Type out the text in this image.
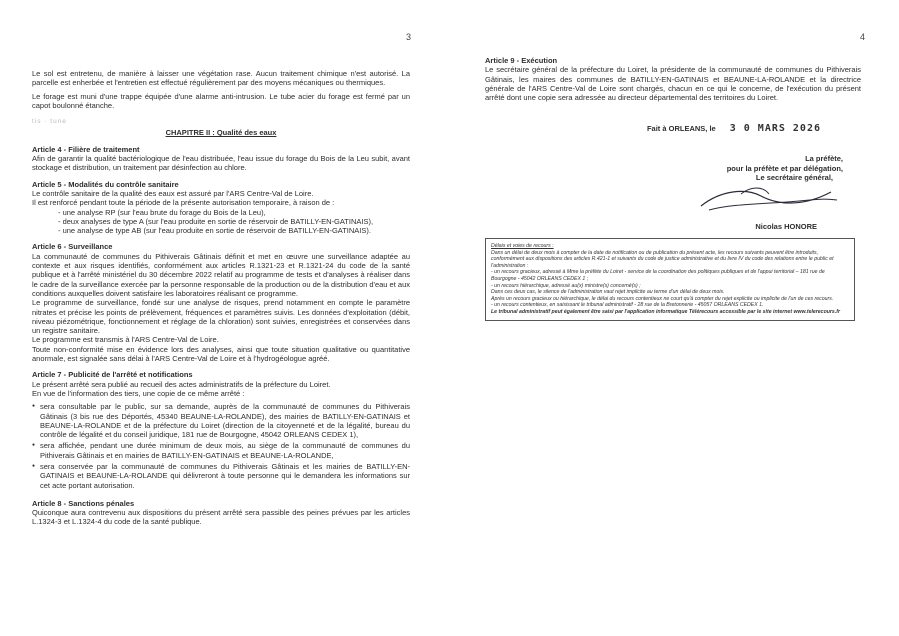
3

Le sol est entretenu, de manière à laisser une végétation rase. Aucun traitement chimique n'est autorisé. La parcelle est enherbée et l'entretien est effectué régulièrement par des moyens mécaniques ou thermiques.

Le forage est muni d'une trappe équipée d'une alarme anti-intrusion. Le tube acier du forage est fermé par un capot boulonné étanche.

tis · tune

CHAPITRE II : Qualité des eaux

Article 4 - Filière de traitement

Afin de garantir la qualité bactériologique de l'eau distribuée, l'eau issue du forage du Bois de la Leu subit, avant stockage et distribution, un traitement par désinfection au chlore.

Article 5 - Modalités du contrôle sanitaire

Le contrôle sanitaire de la qualité des eaux est assuré par l'ARS Centre-Val de Loire.

Il est renforcé pendant toute la période de la présente autorisation temporaire, à raison de :

- une analyse RP (sur l'eau brute du forage du Bois de la Leu),

- deux analyses de type A (sur l'eau produite en sortie de réservoir de BATILLY-EN-GATINAIS),

- une analyse de type AB (sur l'eau produite en sortie de réservoir de BATILLY-EN-GATINAIS).

Article 6 - Surveillance

La communauté de communes du Pithiverais Gâtinais définit et met en œuvre une surveillance adaptée au contexte et aux risques identifiés, conformément aux articles R.1321-23 et R.1321-24 du code de la santé publique et à l'arrêté ministériel du 30 décembre 2022 relatif au programme de tests et d'analyses à réaliser dans le cadre de la surveillance exercée par la personne responsable de la production ou de la distribution d'eau et aux conditions auxquelles doivent satisfaire les laboratoires réalisant ce programme.

Le programme de surveillance, fondé sur une analyse de risques, prend notamment en compte le paramètre nitrates et précise les points de prélèvement, fréquences et paramètres suivis. Les données d'exploitation (débit, niveau piézométrique, fonctionnement et réglage de la chloration) sont suivies, enregistrées et conservées dans un registre sanitaire.

Le programme est transmis à l'ARS Centre-Val de Loire.

Toute non-conformité mise en évidence lors des analyses, ainsi que toute situation qualitative ou quantitative anormale, est signalée sans délai à l'ARS Centre-Val de Loire et à l'hydrogéologue agréé.

Article 7 - Publicité de l'arrêté et notifications

Le présent arrêté sera publié au recueil des actes administratifs de la préfecture du Loiret.

En vue de l'information des tiers, une copie de ce même arrêté :

● sera consultable par le public, sur sa demande, auprès de la communauté de communes du Pithiverais Gâtinais (3 bis rue des Déportés, 45340 BEAUNE-LA-ROLANDE), des mairies de BATILLY-EN-GATINAIS et BEAUNE-LA-ROLANDE et de la préfecture du Loiret (direction de la citoyenneté et de la légalité, bureau du contrôle de légalité et du conseil juridique, 181 rue de Bourgogne, 45042 ORLEANS CEDEX 1),
● sera affichée, pendant une durée minimum de deux mois, au siège de la communauté de communes du Pithiverais Gâtinais et en mairies de BATILLY-EN-GATINAIS et BEAUNE-LA-ROLANDE,
● sera conservée par la communauté de communes du Pithiverais Gâtinais et les mairies de BATILLY-EN-GATINAIS et BEAUNE-LA-ROLANDE qui délivreront à toute personne qui le demandera les informations sur cet acte portant autorisation.

Article 8 - Sanctions pénales

Quiconque aura contrevenu aux dispositions du présent arrêté sera passible des peines prévues par les articles L.1324-3 et L.1324-4 du code de la santé publique.

4

Article 9 - Exécution

Le secrétaire général de la préfecture du Loiret, la présidente de la communauté de communes du Pithiverais Gâtinais, les maires des communes de BATILLY-EN-GATINAIS et BEAUNE-LA-ROLANDE et la directrice générale de l'ARS Centre-Val de Loire sont chargés, chacun en ce qui le concerne, de l'exécution du présent arrêté dont une copie sera adressée au directeur départemental des territoires du Loiret.

Fait à ORLEANS, le 3 0 MARS 2026
La préfète,
pour la préfète et par délégation,
Le secrétaire général,
Nicolas HONORE

Délais et voies de recours :

Dans un délai de deux mois à compter de la date de notification ou de publication du présent acte, les recours suivants peuvent être introduits, conformément aux dispositions des articles R.421-1 et suivants du code de justice administrative et du livre IV du code des relations entre le public et l'administration :

- un recours gracieux, adressé à Mme la préfète du Loiret - service de la coordination des politiques publiques et de l'appui territorial – 181 rue de Bourgogne - 45042 ORLEANS CEDEX 1 ;

- un recours hiérarchique, adressé au(x) ministre(s) concerné(s) ;

Dans ces deux cas, le silence de l'administration vaut rejet implicite au terme d'un délai de deux mois.

Après un recours gracieux ou hiérarchique, le délai du recours contentieux ne court qu'à compter du rejet explicite ou implicite de l'un de ces recours.

- un recours contentieux, en saisissant le tribunal administratif - 28 rue de la Bretonnerie - 45057 ORLEANS CEDEX 1.

Le tribunal administratif peut également être saisi par l'application informatique Télérecours accessible par le site internet www.telerecours.fr
